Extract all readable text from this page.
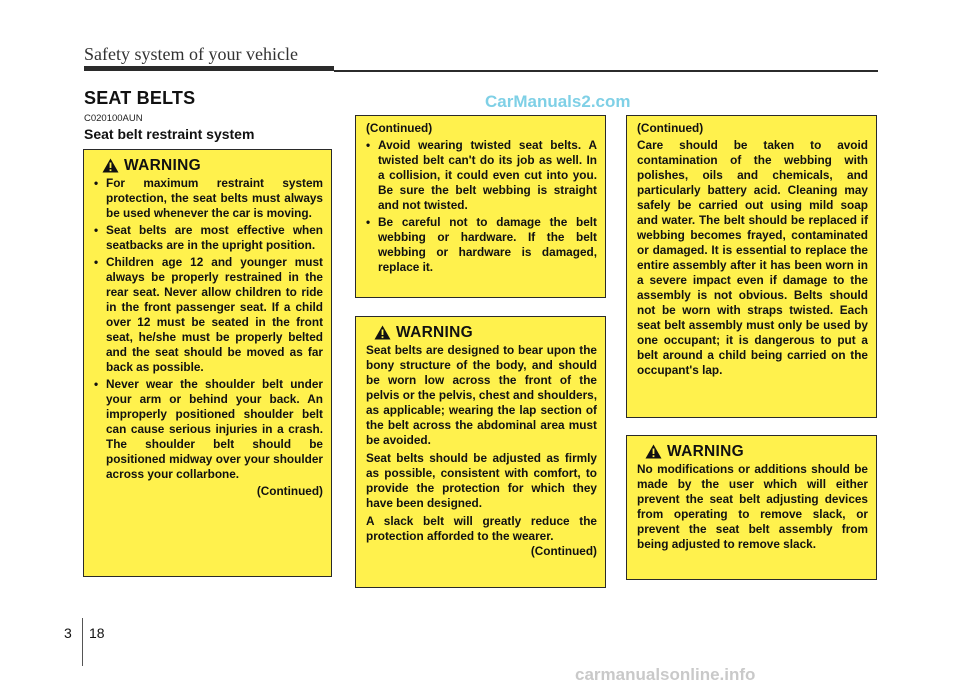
Safety system of your vehicle
SEAT BELTS	CarManuals2.com
C020100AUN
Seat belt restraint system
WARNING
• For maximum restraint system protection, the seat belts must always be used whenever the car is moving.
• Seat belts are most effective when seatbacks are in the upright position.
• Children age 12 and younger must always be properly restrained in the rear seat. Never allow children to ride in the front passenger seat. If a child over 12 must be seated in the front seat, he/she must be properly belted and the seat should be moved as far back as possible.
• Never wear the shoulder belt under your arm or behind your back. An improperly positioned shoulder belt can cause serious injuries in a crash. The shoulder belt should be positioned midway over your shoulder across your collarbone.
(Continued)
(Continued)
• Avoid wearing twisted seat belts. A twisted belt can't do its job as well. In a collision, it could even cut into you. Be sure the belt webbing is straight and not twisted.
• Be careful not to damage the belt webbing or hardware. If the belt webbing or hardware is damaged, replace it.
WARNING

Seat belts are designed to bear upon the bony structure of the body, and should be worn low across the front of the pelvis or the pelvis, chest and shoulders, as applicable; wearing the lap section of the belt across the abdominal area must be avoided.

Seat belts should be adjusted as firmly as possible, consistent with comfort, to provide the protection for which they have been designed.

A slack belt will greatly reduce the protection afforded to the wearer.

(Continued)
(Continued)

Care should be taken to avoid contamination of the webbing with polishes, oils and chemicals, and particularly battery acid. Cleaning may safely be carried out using mild soap and water. The belt should be replaced if webbing becomes frayed, contaminated or damaged. It is essential to replace the entire assembly after it has been worn in a severe impact even if damage to the assembly is not obvious. Belts should not be worn with straps twisted. Each seat belt assembly must only be used by one occupant; it is dangerous to put a belt around a child being carried on the occupant's lap.

WARNING

No modifications or additions should be made by the user which will either prevent the seat belt adjusting devices from operating to remove slack, or prevent the seat belt assembly from being adjusted to remove slack.

3 18
carmanualsonline.info
